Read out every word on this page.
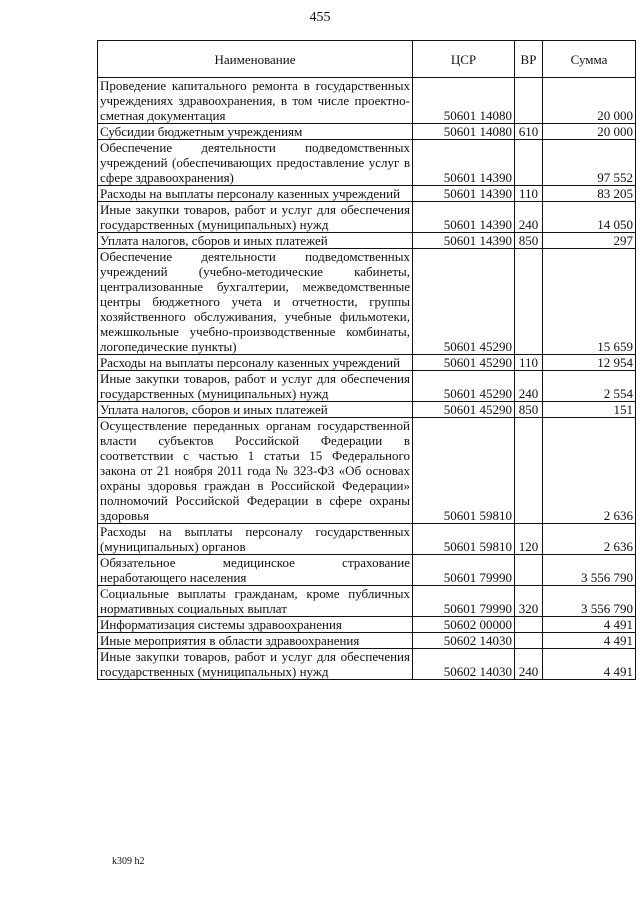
455
Наименование	ЦСР	ВР	Сумма
Проведение капитального ремонта в государственных учреждениях здравоохранения, в том числе проектно-сметная документация	50601 14080		20 000
Субсидии бюджетным учреждениям	50601 14080	610	20 000
Обеспечение деятельности подведомственных учреждений (обеспечивающих предоставление услуг в сфере здравоохранения)	50601 14390		97 552
Расходы на выплаты персоналу казенных учреждений	50601 14390	110	83 205
Иные закупки товаров, работ и услуг для обеспечения государственных (муниципальных) нужд	50601 14390	240	14 050
Уплата налогов, сборов и иных платежей	50601 14390	850	297
Обеспечение деятельности подведомственных учреждений (учебно-методические кабинеты, централизованные бухгалтерии, межведомственные центры бюджетного учета и отчетности, группы хозяйственного обслуживания, учебные фильмотеки, межшкольные учебно-производственные комбинаты, логопедические пункты)	50601 45290		15 659
Расходы на выплаты персоналу казенных учреждений	50601 45290	110	12 954
Иные закупки товаров, работ и услуг для обеспечения государственных (муниципальных) нужд	50601 45290	240	2 554
Уплата налогов, сборов и иных платежей	50601 45290	850	151
Осуществление переданных органам государственной власти субъектов Российской Федерации в соответствии с частью 1 статьи 15 Федерального закона от 21 ноября 2011 года № 323-ФЗ «Об основах охраны здоровья граждан в Российской Федерации» полномочий Российской Федерации в сфере охраны здоровья	50601 59810		2 636
Расходы на выплаты персоналу государственных (муниципальных) органов	50601 59810	120	2 636
Обязательное медицинское страхование неработающего населения	50601 79990		3 556 790
Социальные выплаты гражданам, кроме публичных нормативных социальных выплат	50601 79990	320	3 556 790
Информатизация системы здравоохранения	50602 00000		4 491
Иные мероприятия в области здравоохранения	50602 14030		4 491
Иные закупки товаров, работ и услуг для обеспечения государственных (муниципальных) нужд	50602 14030	240	4 491
k309 h2
